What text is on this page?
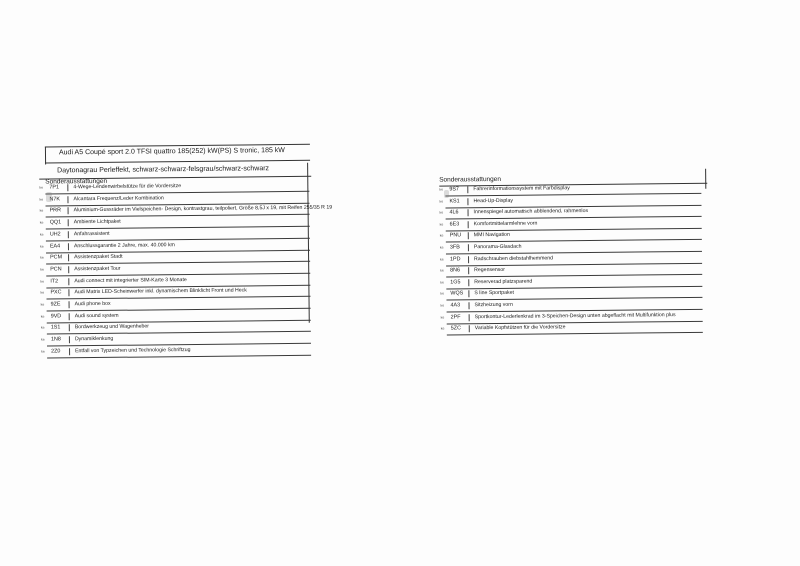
Audi A5 Coupé sport 2.0 TFSI quattro 185(252) kW(PS) S tronic, 185 kW
Daytonagrau Perleffekt, schwarz-schwarz-felsgrau/schwarz-schwarz
Sonderausstattungen
ke	7P1	4-Wege-Lendenwirbelstütze für die Vordersitze
ke	N7K	Alcantara Frequenz/Leder Kombination
ke	PRR Aluminium-Gussräder im Vielspeichen- Design, kontrastgrau, teilpoliert, Größe 8,5J x 19, mit Reifen 255/35 R 19
ke	QQ1 Ambiente Lichtpaket
ke	UH2	Anfahrassistent
ke	EA4	Anschlussgarantie 2 Jahre, max. 40.000 km
ke	PCM Assistenzpaket Stadt
ke	PCN Assistenzpaket Tour
ke	IT2	Audi connect mit integrierter SIM-Karte 3 Monate
ke	PXC Audi Matrix LED-Scheinwerfer inkl. dynamischem Blinklicht Front und Heck
ke	9ZE	Audi phone box
ke	9VD	Audi sound system
ke	1S1	Bordwerkzeug und Wagenheber
ke	1N8	Dynamiklenkung
ke	2Z0	Entfall von Typzeichen und Technologie Schriftzug
Sonderausstattungen
ke	9S7	Fahrerinformationssystem mit Farbdisplay
ke	KS1	Head-Up-Display
ke	4L6	Innenspiegel automatisch abblendend, rahmenlos
ke	6E3	Komfortmittelarmlehne vorn
ke	PNU MMI Navigation
ke	3FB	Panorama-Glasdach
ke	1PD	Radschrauben diebstahlhemmend
ke	8N6	Regensensor
ke	1G5	Reserverad platzsparend
ke	WQS S line Sportpaket
ke	4A3	Sitzheizung vorn
ke	2PF	Sportkontur-Lederlenkrad im 3-Speichen-Design unten abgeflacht mit Multifunktion plus
ke	5ZC	Variable Kopfstützen für die Vordersitze
